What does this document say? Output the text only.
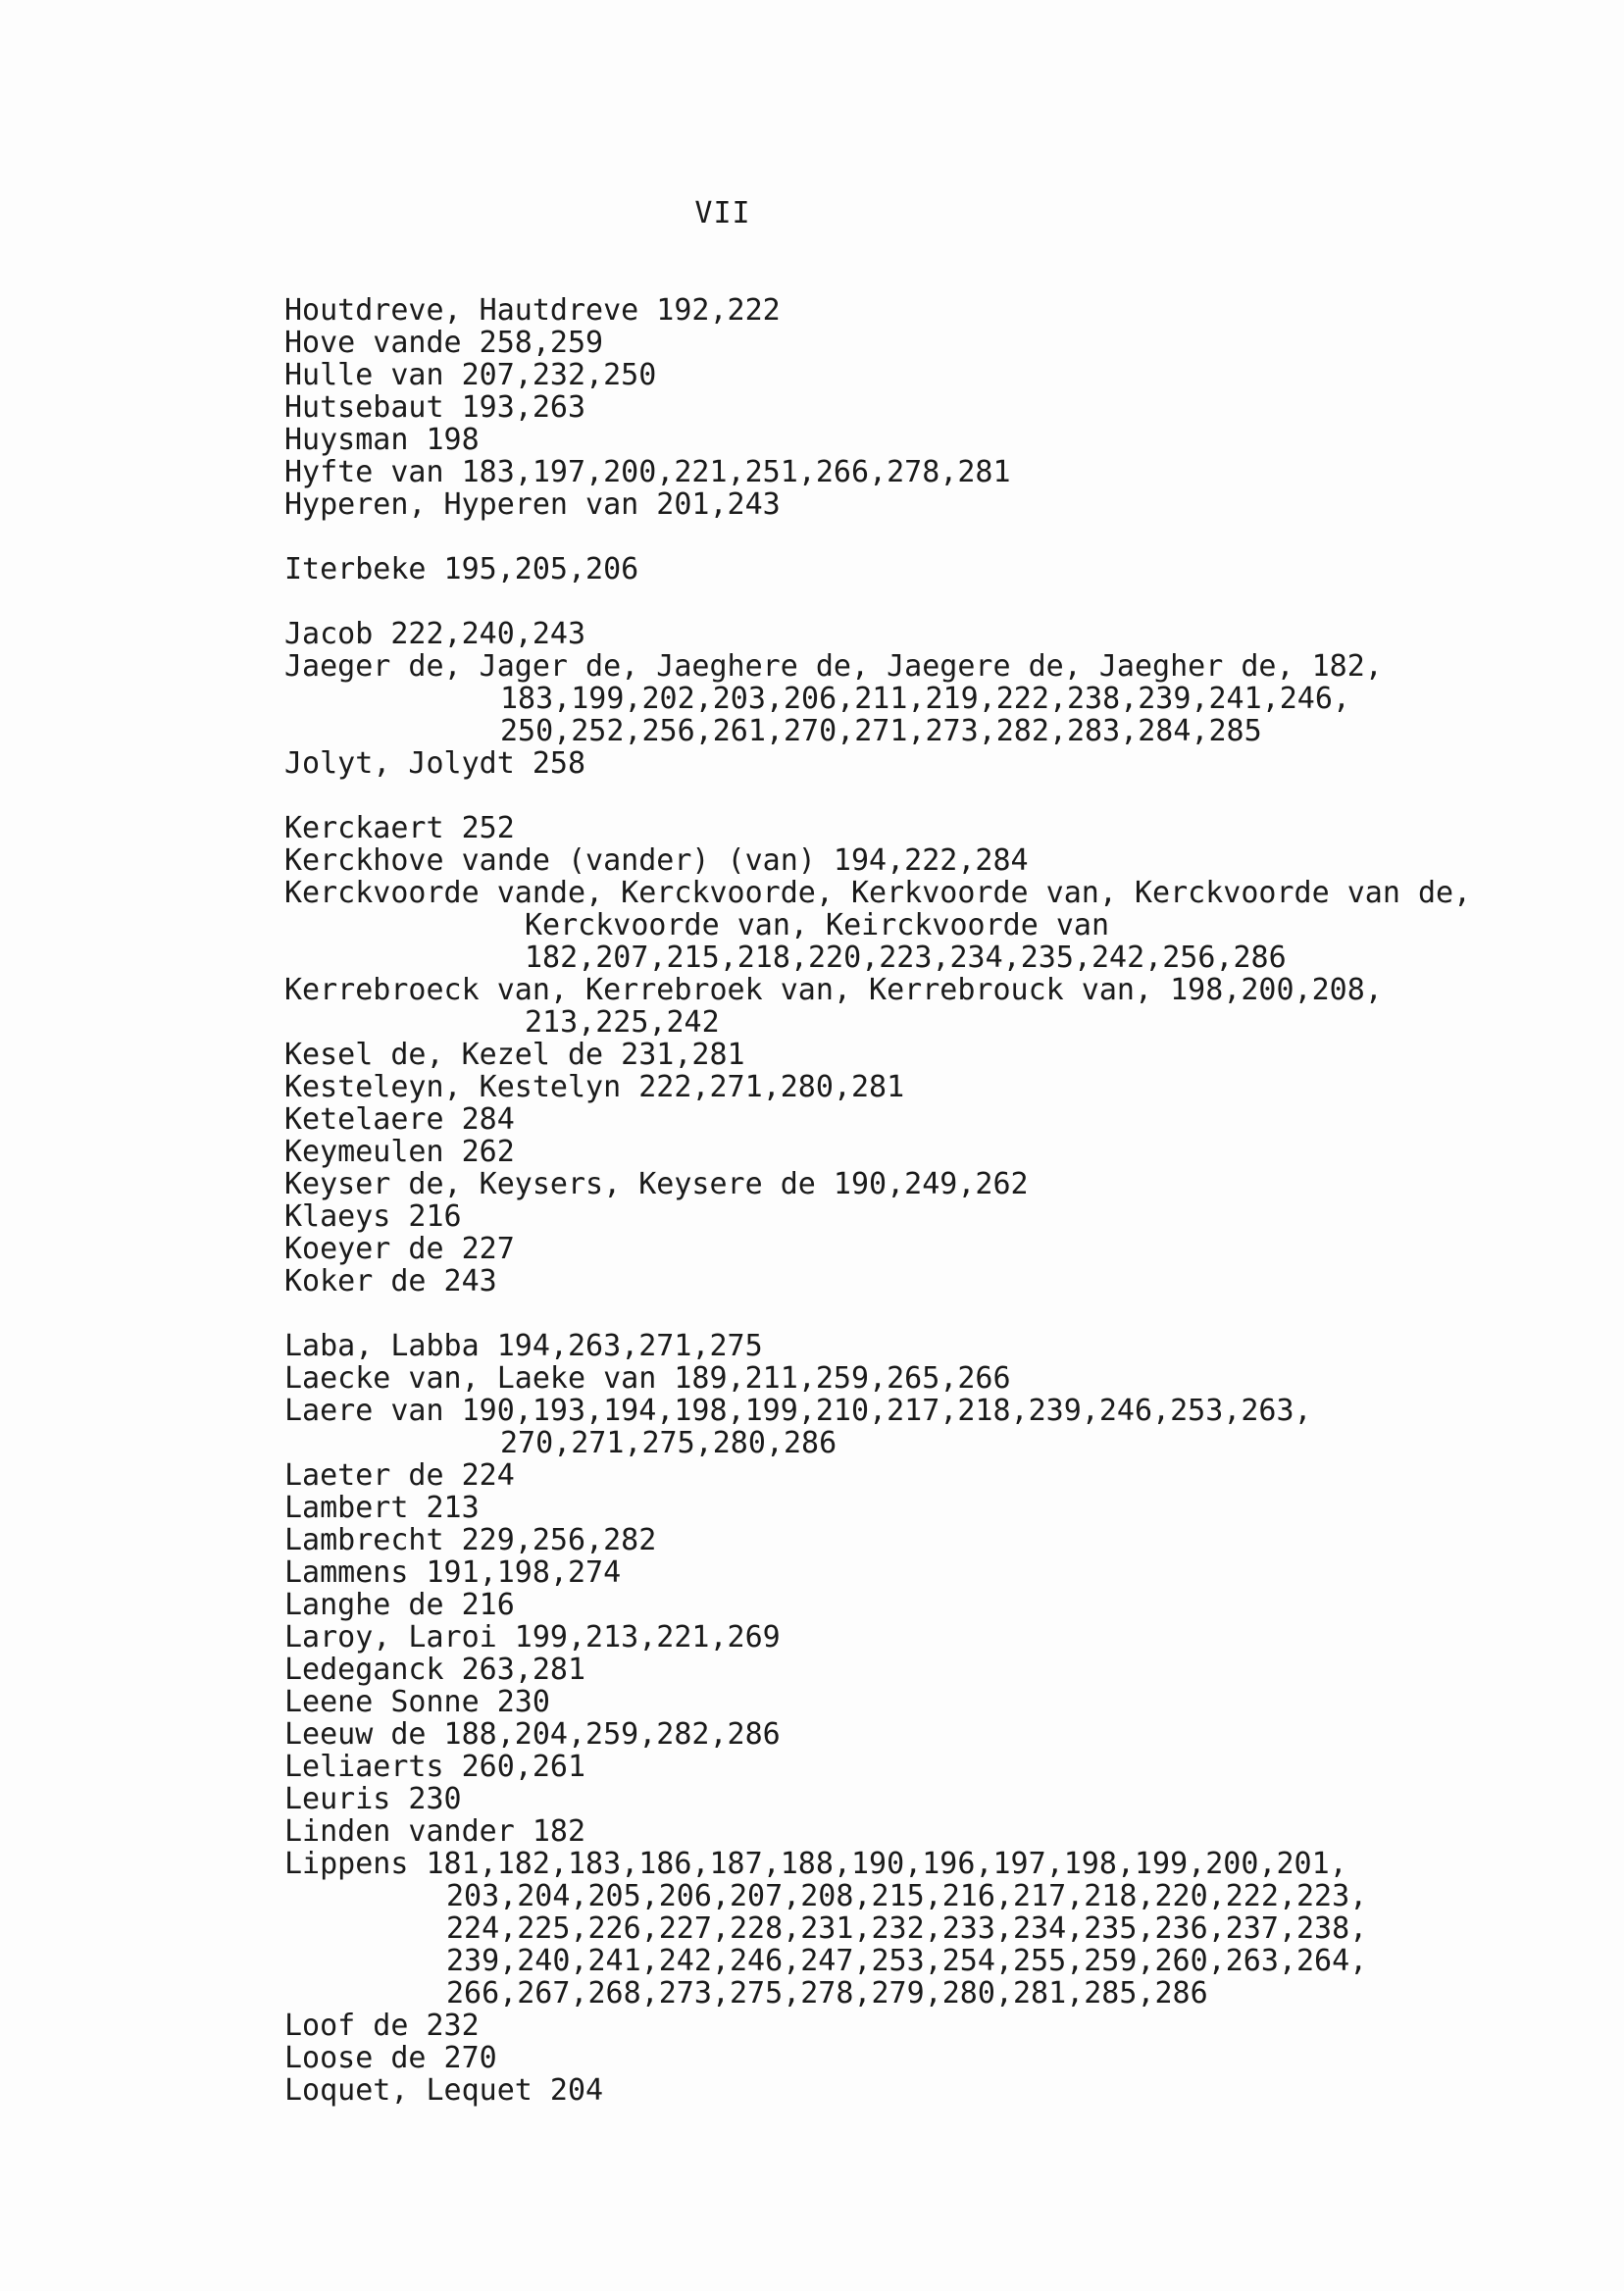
VII
Houtdreve, Hautdreve 192,222
Hove vande 258,259
Hulle van 207,232,250
Hutsebaut 193,263
Huysman 198
Hyfte van 183,197,200,221,251,266,278,281
Hyperen, Hyperen van 201,243
Iterbeke 195,205,206
Jacob 222,240,243
Jaeger de, Jager de, Jaeghere de, Jaegere de, Jaegher de, 182,
183,199,202,203,206,211,219,222,238,239,241,246,
250,252,256,261,270,271,273,282,283,284,285
Jolyt, Jolydt 258
Kerckaert 252
Kerckhove vande (vander) (van) 194,222,284
Kerckvoorde vande, Kerckvoorde, Kerkvoorde van, Kerckvoorde van de,
Kerckvoorde van, Keirckvoorde van
182,207,215,218,220,223,234,235,242,256,286
Kerrebroeck van, Kerrebroek van, Kerrebrouck van, 198,200,208,
213,225,242
Kesel de, Kezel de 231,281
Kesteleyn, Kestelyn 222,271,280,281
Ketelaere 284
Keymeulen 262
Keyser de, Keysers, Keysere de 190,249,262
Klaeys 216
Koeyer de 227
Koker de 243
Laba, Labba 194,263,271,275
Laecke van, Laeke van 189,211,259,265,266
Laere van 190,193,194,198,199,210,217,218,239,246,253,263,
270,271,275,280,286
Laeter de 224
Lambert 213
Lambrecht 229,256,282
Lammens 191,198,274
Langhe de 216
Laroy, Laroi 199,213,221,269
Ledeganck 263,281
Leene Sonne 230
Leeuw de 188,204,259,282,286
Leliaerts 260,261
Leuris 230
Linden vander 182
Lippens 181,182,183,186,187,188,190,196,197,198,199,200,201,
203,204,205,206,207,208,215,216,217,218,220,222,223,
224,225,226,227,228,231,232,233,234,235,236,237,238,
239,240,241,242,246,247,253,254,255,259,260,263,264,
266,267,268,273,275,278,279,280,281,285,286
Loof de 232
Loose de 270
Loquet, Lequet 204
